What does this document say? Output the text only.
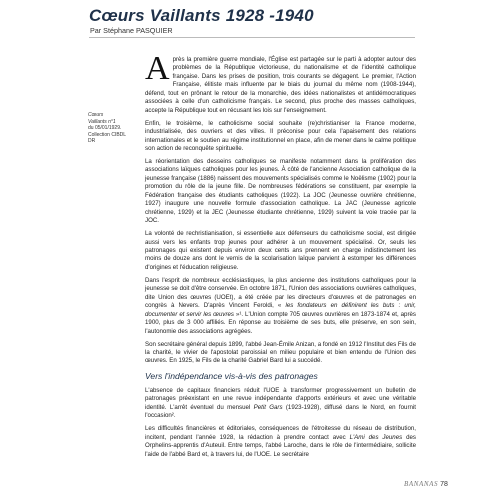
Cœurs Vaillants 1928 -1940
Par Stéphane PASQUIER
Cœurs
Vaillants n°1
du 05/01/1929.
Collection CIBDL
DR

Après la première guerre mondiale, l'Église est partagée sur le parti à adopter autour des problèmes de la République victorieuse, du nationalisme et de l'identité catholique française. Dans les prises de position, trois courants se dégagent. Le premier, l'Action Française, élitiste mais influente par le biais du journal du même nom (1908-1944), défend, tout en prônant le retour de la monarchie, des idées nationalistes et antidémocratiques associées à celle d'un catholicisme français. Le second, plus proche des masses catholiques, accepte la République tout en récusant les lois sur l'enseignement.

Enfin, le troisième, le catholicisme social souhaite (re)christianiser la France moderne, industrialisée, des ouvriers et des villes. Il préconise pour cela l'apaisement des relations internationales et le soutien au régime institutionnel en place, afin de mener dans le calme politique son action de reconquête spirituelle.

La réorientation des desseins catholiques se manifeste notamment dans la prolifération des associations laïques catholiques pour les jeunes. À côté de l'ancienne Association catholique de la jeunesse française (1886) naissent des mouvements spécialisés comme le Noëlisme (1902) pour la promotion du rôle de la jeune fille. De nombreuses fédérations se constituent, par exemple la Fédération française des étudiants catholiques (1922). La JOC (Jeunesse ouvrière chrétienne, 1927) inaugure une nouvelle formule d'association catholique. La JAC (Jeunesse agricole chrétienne, 1929) et la JEC (Jeunesse étudiante chrétienne, 1929) suivent la voie tracée par la JOC.

La volonté de rechristianisation, si essentielle aux défenseurs du catholicisme social, est dirigée aussi vers les enfants trop jeunes pour adhérer à un mouvement spécialisé. Or, seuls les patronages qui existent depuis environ deux cents ans prennent en charge indistinctement les moins de douze ans dont le vernis de la scolarisation laïque parvient à estomper les différences d'origines et l'éducation religieuse.

Dans l'esprit de nombreux ecclésiastiques, la plus ancienne des institutions catholiques pour la jeunesse se doit d'être conservée. En octobre 1871, l'Union des associations ouvrières catholiques, dite Union des œuvres (UOEt), a été créée par les directeurs d'œuvres et de patronages en congrès à Nevers. D'après Vincent Feroldi, « les fondateurs en définirent les buts : unir, documenter et servir les œuvres »¹. L'Union compte 705 œuvres ouvrières en 1873-1874 et, après 1900, plus de 3 000 affiliés. En réponse au troisième de ses buts, elle préserve, en son sein, l'autonomie des associations agrégées.

Son secrétaire général depuis 1899, l'abbé Jean-Émile Anizan, a fondé en 1912 l'Institut des Fils de la charité, le vivier de l'apostolat paroissial en milieu populaire et bien entendu de l'Union des œuvres. En 1925, le Fils de la charité Gabriel Bard lui a succédé.

Vers l'indépendance vis-à-vis des patronages

L'absence de capitaux financiers réduit l'UOE à transformer progressivement un bulletin de patronages préexistant en une revue indépendante d'apports extérieurs et avec une véritable identité. L'arrêt éventuel du mensuel Petit Gars (1923-1928), diffusé dans le Nord, en fournit l'occasion².

Les difficultés financières et éditoriales, conséquences de l'étroitesse du réseau de distribution, incitent, pendant l'année 1928, la rédaction à prendre contact avec L'Ami des Jeunes des Orphelins-apprentis d'Auteuil. Entre temps, l'abbé Laroche, dans le rôle de l'intermédiaire, sollicite l'aide de l'abbé Bard et, à travers lui, de l'UOE. Le secrétaire

BANANAS 78
